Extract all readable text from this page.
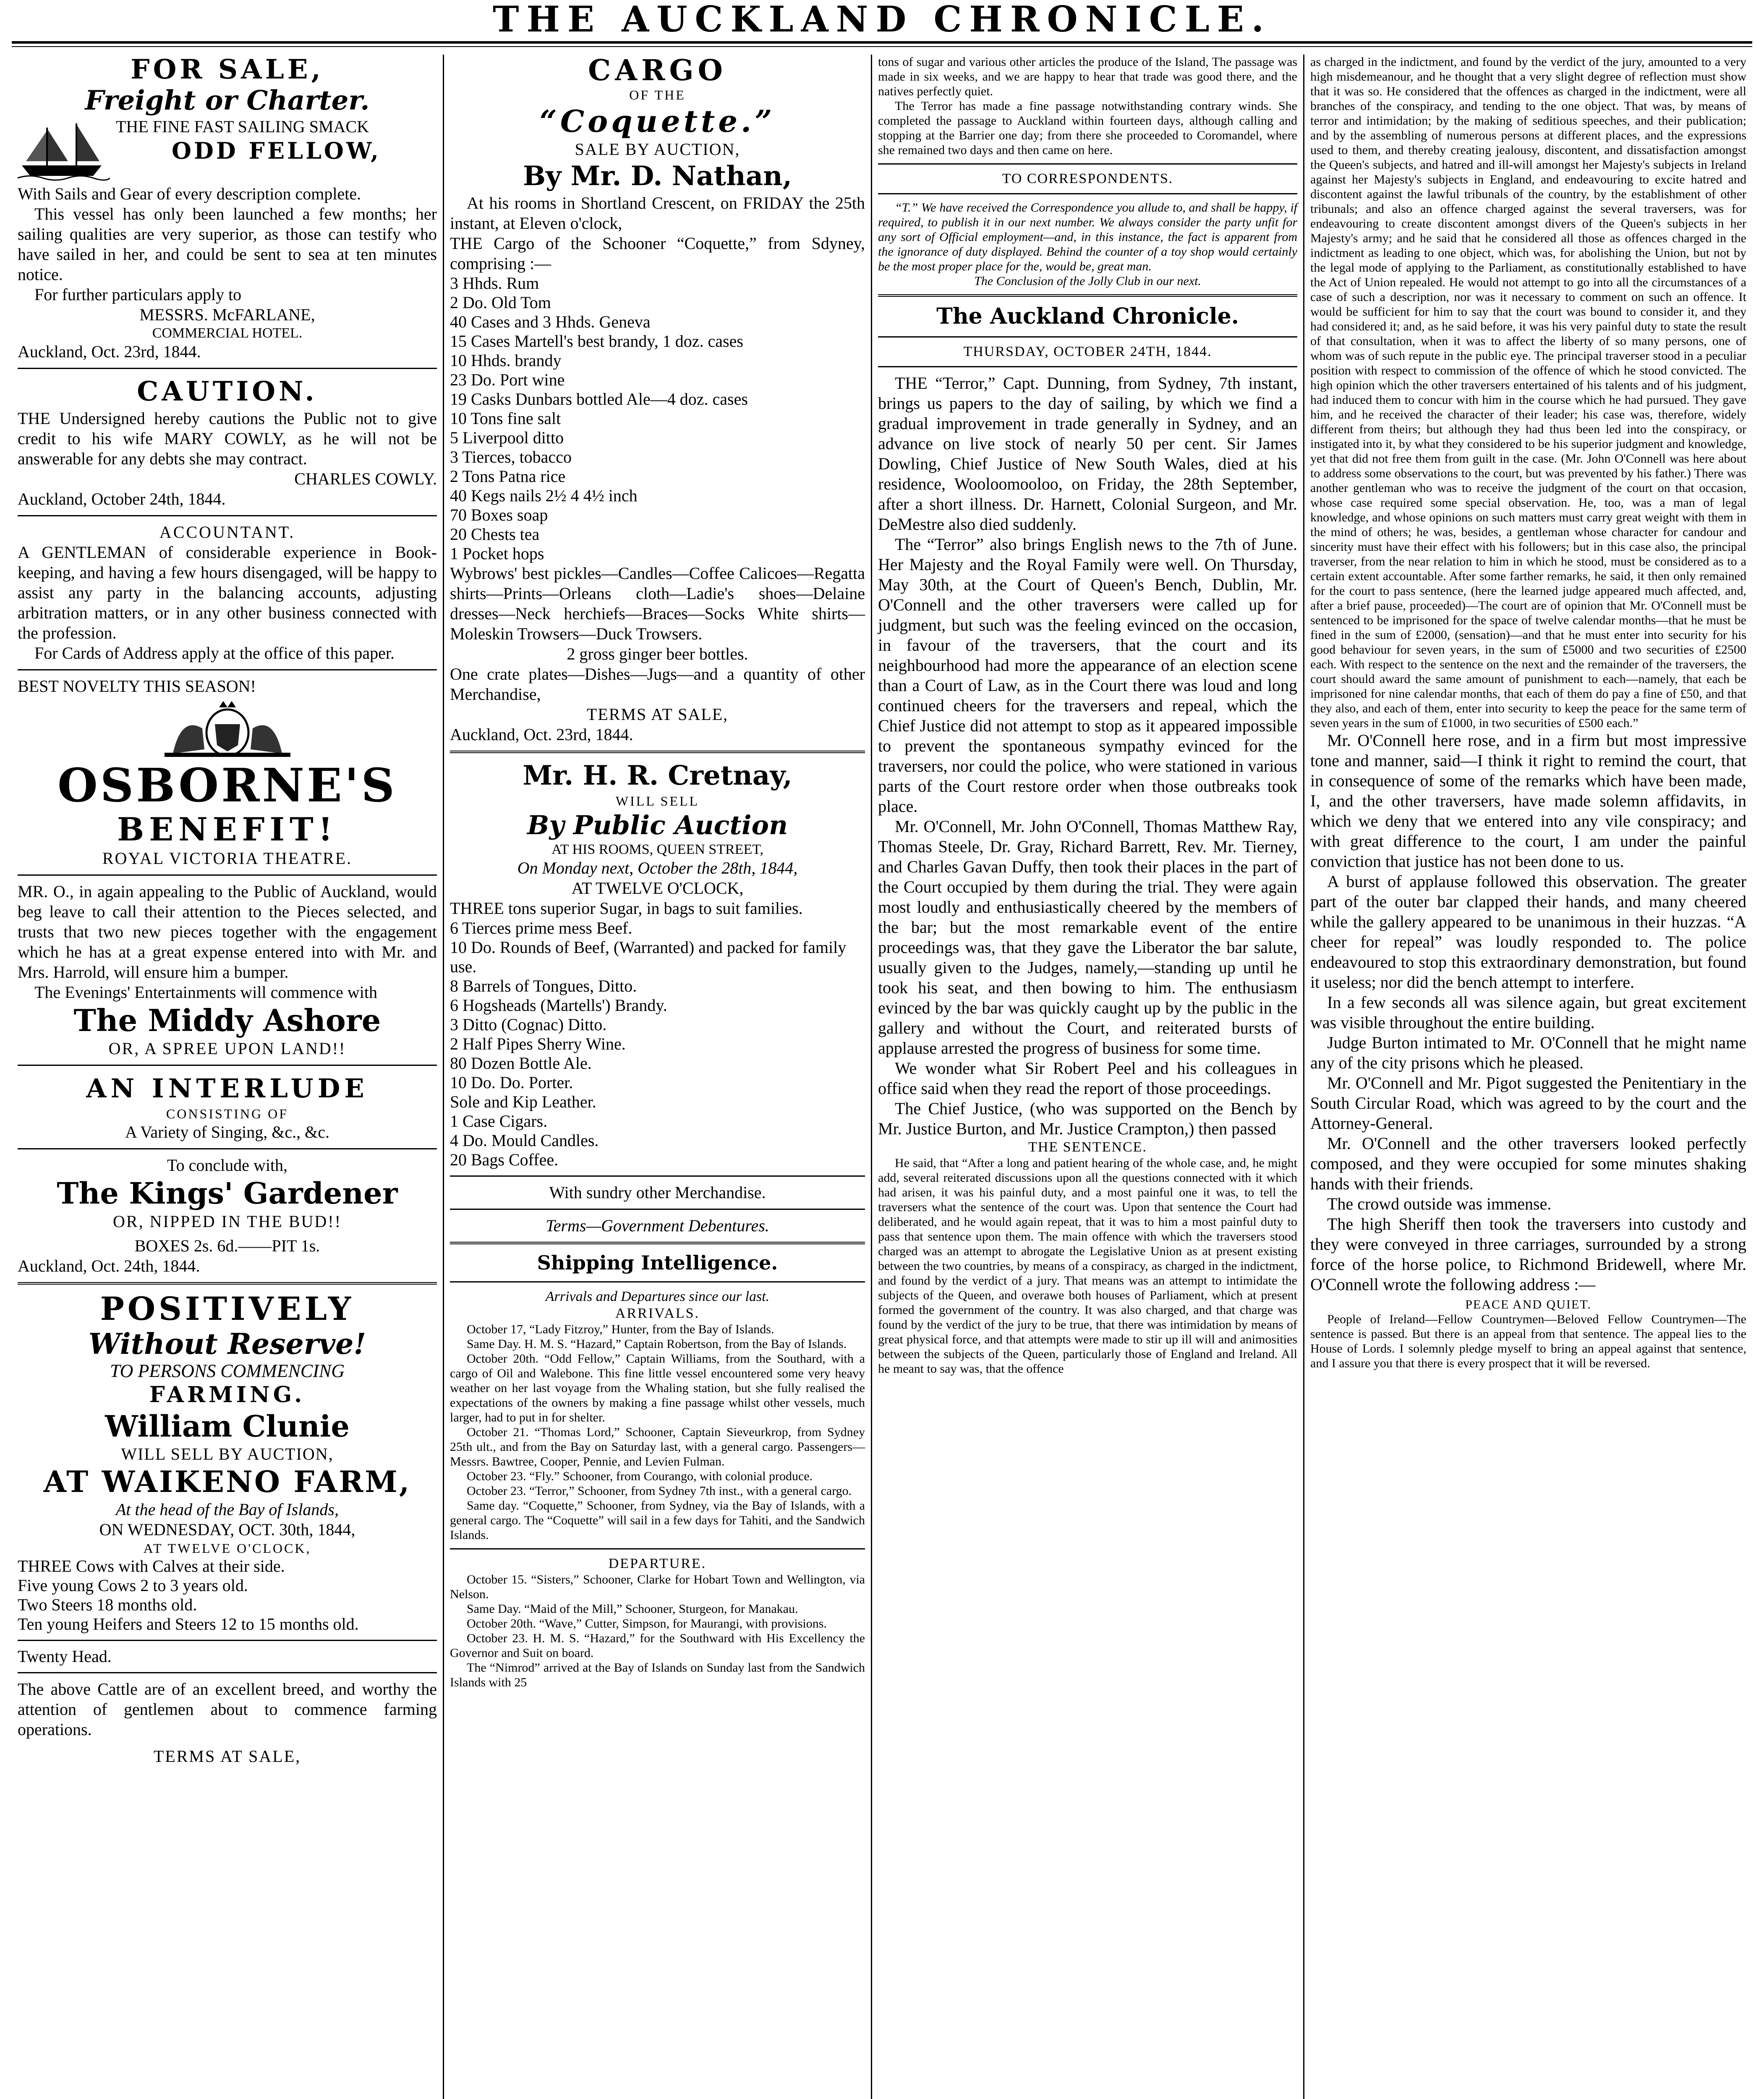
THE AUCKLAND CHRONICLE.

FOR SALE,

Freight or Charter.

THE FINE FAST SAILING SMACK

ODD FELLOW,

With Sails and Gear of every description complete.

This vessel has only been launched a few months; her sailing qualities are very superior, as those can testify who have sailed in her, and could be sent to sea at ten minutes notice.

For further particulars apply to

MESSRS. McFARLANE,

COMMERCIAL HOTEL.

Auckland, Oct. 23rd, 1844.

CAUTION.

THE Undersigned hereby cautions the Public not to give credit to his wife MARY COWLY, as he will not be answerable for any debts she may contract.

CHARLES COWLY.

Auckland, October 24th, 1844.

ACCOUNTANT.

A GENTLEMAN of considerable experience in Book-keeping, and having a few hours disengaged, will be happy to assist any party in the balancing accounts, adjusting arbitration matters, or in any other business connected with the profession.

For Cards of Address apply at the office of this paper.

BEST NOVELTY THIS SEASON!

OSBORNE'S

BENEFIT!

ROYAL VICTORIA THEATRE.

MR. O., in again appealing to the Public of Auckland, would beg leave to call their attention to the Pieces selected, and trusts that two new pieces together with the engagement which he has at a great expense entered into with Mr. and Mrs. Harrold, will ensure him a bumper.

The Evenings' Entertainments will commence with

The Middy Ashore

OR, A SPREE UPON LAND!!

AN INTERLUDE

CONSISTING OF

A Variety of Singing, &c., &c.

To conclude with,

The Kings' Gardener

OR, NIPPED IN THE BUD!!

BOXES 2s. 6d.——PIT 1s.

Auckland, Oct. 24th, 1844.

POSITIVELY

Without Reserve!

TO PERSONS COMMENCING

FARMING.

William Clunie

WILL SELL BY AUCTION,

AT WAIKENO FARM,

At the head of the Bay of Islands,

ON WEDNESDAY, OCT. 30th, 1844,

AT TWELVE O'CLOCK,

THREE Cows with Calves at their side.
Five young Cows 2 to 3 years old.
Two Steers 18 months old.
Ten young Heifers and Steers 12 to 15 months old.
Twenty Head.

The above Cattle are of an excellent breed, and worthy the attention of gentlemen about to commence farming operations.

TERMS AT SALE,

CARGO

OF THE

“Coquette.”

SALE BY AUCTION,

By Mr. D. Nathan,

At his rooms in Shortland Crescent, on FRIDAY the 25th instant, at Eleven o'clock,

THE Cargo of the Schooner “Coquette,” from Sdyney, comprising :—

3 Hhds. Rum
2 Do. Old Tom
40 Cases and 3 Hhds. Geneva
15 Cases Martell's best brandy, 1 doz. cases
10 Hhds. brandy
23 Do. Port wine
19 Casks Dunbars bottled Ale—4 doz. cases
10 Tons fine salt
5 Liverpool ditto
3 Tierces, tobacco
2 Tons Patna rice
40 Kegs nails 2½ 4 4½ inch
70 Boxes soap
20 Chests tea
1 Pocket hops

Wybrows' best pickles—Candles—Coffee Calicoes—Regatta shirts—Prints—Orleans cloth—Ladie's shoes—Delaine dresses—Neck herchiefs—Braces—Socks White shirts—Moleskin Trowsers—Duck Trowsers.

2 gross ginger beer bottles.

One crate plates—Dishes—Jugs—and a quantity of other Merchandise,

TERMS AT SALE,

Auckland, Oct. 23rd, 1844.

Mr. H. R. Cretnay,

WILL SELL

By Public Auction

AT HIS ROOMS, QUEEN STREET,

On Monday next, October the 28th, 1844,

AT TWELVE O'CLOCK,

THREE tons superior Sugar, in bags to suit families.

6 Tierces prime mess Beef.
10 Do. Rounds of Beef, (Warranted) and packed for family use.
8 Barrels of Tongues, Ditto.
6 Hogsheads (Martells') Brandy.
3 Ditto (Cognac) Ditto.
2 Half Pipes Sherry Wine.
80 Dozen Bottle Ale.
10 Do. Do. Porter.
Sole and Kip Leather.
1 Case Cigars.
4 Do. Mould Candles.
20 Bags Coffee.

With sundry other Merchandise.

Terms—Government Debentures.

Shipping Intelligence.

Arrivals and Departures since our last.

ARRIVALS.

October 17, “Lady Fitzroy,” Hunter, from the Bay of Islands.

Same Day. H. M. S. “Hazard,” Captain Robertson, from the Bay of Islands.

October 20th. “Odd Fellow,” Captain Williams, from the Southard, with a cargo of Oil and Walebone. This fine little vessel encountered some very heavy weather on her last voyage from the Whaling station, but she fully realised the expectations of the owners by making a fine passage whilst other vessels, much larger, had to put in for shelter.

October 21. “Thomas Lord,” Schooner, Captain Sieveurkrop, from Sydney 25th ult., and from the Bay on Saturday last, with a general cargo. Passengers—Messrs. Bawtree, Cooper, Pennie, and Levien Fulman.

October 23. “Fly.” Schooner, from Courango, with colonial produce.

October 23. “Terror,” Schooner, from Sydney 7th inst., with a general cargo.

Same day. “Coquette,” Schooner, from Sydney, via the Bay of Islands, with a general cargo. The “Coquette” will sail in a few days for Tahiti, and the Sandwich Islands.

DEPARTURE.

October 15. “Sisters,” Schooner, Clarke for Hobart Town and Wellington, via Nelson.

Same Day. “Maid of the Mill,” Schooner, Sturgeon, for Manakau.

October 20th. “Wave,” Cutter, Simpson, for Maurangi, with provisions.

October 23. H. M. S. “Hazard,” for the Southward with His Excellency the Governor and Suit on board.

The “Nimrod” arrived at the Bay of Islands on Sunday last from the Sandwich Islands with 25

tons of sugar and various other articles the produce of the Island, The passage was made in six weeks, and we are happy to hear that trade was good there, and the natives perfectly quiet.

The Terror has made a fine passage notwithstanding contrary winds. She completed the passage to Auckland within fourteen days, although calling and stopping at the Barrier one day; from there she proceeded to Coromandel, where she remained two days and then came on here.

TO CORRESPONDENTS.

“T.” We have received the Correspondence you allude to, and shall be happy, if required, to publish it in our next number. We always consider the party unfit for any sort of Official employment—and, in this instance, the fact is apparent from the ignorance of duty displayed. Behind the counter of a toy shop would certainly be the most proper place for the, would be, great man.

The Conclusion of the Jolly Club in our next.

The Auckland Chronicle.

THURSDAY, OCTOBER 24TH, 1844.

THE “Terror,” Capt. Dunning, from Sydney, 7th instant, brings us papers to the day of sailing, by which we find a gradual improvement in trade generally in Sydney, and an advance on live stock of nearly 50 per cent. Sir James Dowling, Chief Justice of New South Wales, died at his residence, Wooloomooloo, on Friday, the 28th September, after a short illness. Dr. Harnett, Colonial Surgeon, and Mr. DeMestre also died suddenly.

The “Terror” also brings English news to the 7th of June. Her Majesty and the Royal Family were well. On Thursday, May 30th, at the Court of Queen's Bench, Dublin, Mr. O'Connell and the other traversers were called up for judgment, but such was the feeling evinced on the occasion, in favour of the traversers, that the court and its neighbourhood had more the appearance of an election scene than a Court of Law, as in the Court there was loud and long continued cheers for the traversers and repeal, which the Chief Justice did not attempt to stop as it appeared impossible to prevent the spontaneous sympathy evinced for the traversers, nor could the police, who were stationed in various parts of the Court restore order when those outbreaks took place.

Mr. O'Connell, Mr. John O'Connell, Thomas Matthew Ray, Thomas Steele, Dr. Gray, Richard Barrett, Rev. Mr. Tierney, and Charles Gavan Duffy, then took their places in the part of the Court occupied by them during the trial. They were again most loudly and enthusiastically cheered by the members of the bar; but the most remarkable event of the entire proceedings was, that they gave the Liberator the bar salute, usually given to the Judges, namely,—standing up until he took his seat, and then bowing to him. The enthusiasm evinced by the bar was quickly caught up by the public in the gallery and without the Court, and reiterated bursts of applause arrested the progress of business for some time.

We wonder what Sir Robert Peel and his colleagues in office said when they read the report of those proceedings.

The Chief Justice, (who was supported on the Bench by Mr. Justice Burton, and Mr. Justice Crampton,) then passed

THE SENTENCE.

He said, that “After a long and patient hearing of the whole case, and, he might add, several reiterated discussions upon all the questions connected with it which had arisen, it was his painful duty, and a most painful one it was, to tell the traversers what the sentence of the court was. Upon that sentence the Court had deliberated, and he would again repeat, that it was to him a most painful duty to pass that sentence upon them. The main offence with which the traversers stood charged was an attempt to abrogate the Legislative Union as at present existing between the two countries, by means of a conspiracy, as charged in the indictment, and found by the verdict of a jury. That means was an attempt to intimidate the subjects of the Queen, and overawe both houses of Parliament, which at present formed the government of the country. It was also charged, and that charge was found by the verdict of the jury to be true, that there was intimidation by means of great physical force, and that attempts were made to stir up ill will and animosities between the subjects of the Queen, particularly those of England and Ireland. All he meant to say was, that the offence

as charged in the indictment, and found by the verdict of the jury, amounted to a very high misdemeanour, and he thought that a very slight degree of reflection must show that it was so. He considered that the offences as charged in the indictment, were all branches of the conspiracy, and tending to the one object. That was, by means of terror and intimidation; by the making of seditious speeches, and their publication; and by the assembling of numerous persons at different places, and the expressions used to them, and thereby creating jealousy, discontent, and dissatisfaction amongst the Queen's subjects, and hatred and ill-will amongst her Majesty's subjects in Ireland against her Majesty's subjects in England, and endeavouring to excite hatred and discontent against the lawful tribunals of the country, by the establishment of other tribunals; and also an offence charged against the several traversers, was for endeavouring to create discontent amongst divers of the Queen's subjects in her Majesty's army; and he said that he considered all those as offences charged in the indictment as leading to one object, which was, for abolishing the Union, but not by the legal mode of applying to the Parliament, as constitutionally established to have the Act of Union repealed. He would not attempt to go into all the circumstances of a case of such a description, nor was it necessary to comment on such an offence. It would be sufficient for him to say that the court was bound to consider it, and they had considered it; and, as he said before, it was his very painful duty to state the result of that consultation, when it was to affect the liberty of so many persons, one of whom was of such repute in the public eye. The principal traverser stood in a peculiar position with respect to commission of the offence of which he stood convicted. The high opinion which the other traversers entertained of his talents and of his judgment, had induced them to concur with him in the course which he had pursued. They gave him, and he received the character of their leader; his case was, therefore, widely different from theirs; but although they had thus been led into the conspiracy, or instigated into it, by what they considered to be his superior judgment and knowledge, yet that did not free them from guilt in the case. (Mr. John O'Connell was here about to address some observations to the court, but was prevented by his father.) There was another gentleman who was to receive the judgment of the court on that occasion, whose case required some special observation. He, too, was a man of legal knowledge, and whose opinions on such matters must carry great weight with them in the mind of others; he was, besides, a gentleman whose character for candour and sincerity must have their effect with his followers; but in this case also, the principal traverser, from the near relation to him in which he stood, must be considered as to a certain extent accountable. After some farther remarks, he said, it then only remained for the court to pass sentence, (here the learned judge appeared much affected, and, after a brief pause, proceeded)—The court are of opinion that Mr. O'Connell must be sentenced to be imprisoned for the space of twelve calendar months—that he must be fined in the sum of £2000, (sensation)—and that he must enter into security for his good behaviour for seven years, in the sum of £5000 and two securities of £2500 each. With respect to the sentence on the next and the remainder of the traversers, the court should award the same amount of punishment to each—namely, that each be imprisoned for nine calendar months, that each of them do pay a fine of £50, and that they also, and each of them, enter into security to keep the peace for the same term of seven years in the sum of £1000, in two securities of £500 each.”

Mr. O'Connell here rose, and in a firm but most impressive tone and manner, said—I think it right to remind the court, that in consequence of some of the remarks which have been made, I, and the other traversers, have made solemn affidavits, in which we deny that we entered into any vile conspiracy; and with great difference to the court, I am under the painful conviction that justice has not been done to us.

A burst of applause followed this observation. The greater part of the outer bar clapped their hands, and many cheered while the gallery appeared to be unanimous in their huzzas. “A cheer for repeal” was loudly responded to. The police endeavoured to stop this extraordinary demonstration, but found it useless; nor did the bench attempt to interfere.

In a few seconds all was silence again, but great excitement was visible throughout the entire building.

Judge Burton intimated to Mr. O'Connell that he might name any of the city prisons which he pleased.

Mr. O'Connell and Mr. Pigot suggested the Penitentiary in the South Circular Road, which was agreed to by the court and the Attorney-General.

Mr. O'Connell and the other traversers looked perfectly composed, and they were occupied for some minutes shaking hands with their friends.

The crowd outside was immense.

The high Sheriff then took the traversers into custody and they were conveyed in three carriages, surrounded by a strong force of the horse police, to Richmond Bridewell, where Mr. O'Connell wrote the following address :—

PEACE AND QUIET.

People of Ireland—Fellow Countrymen—Beloved Fellow Countrymen—The sentence is passed. But there is an appeal from that sentence. The appeal lies to the House of Lords. I solemnly pledge myself to bring an appeal against that sentence, and I assure you that there is every prospect that it will be reversed.
